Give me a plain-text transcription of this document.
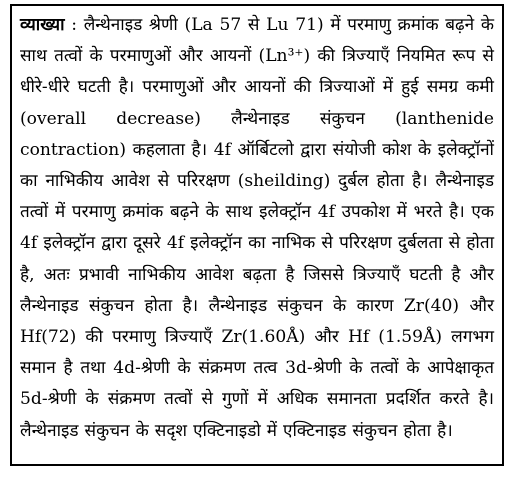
व्याख्या : लैन्थेनाइड श्रेणी (La 57 से Lu 71) में परमाणु क्रमांक बढ़ने के साथ तत्वों के परमाणुओं और आयनों (Ln³⁺) की त्रिज्याएँ नियमित रूप से धीरे-धीरे घटती है। परमाणुओं और आयनों की त्रिज्याओं में हुई समग्र कमी (overall decrease) लैन्थेनाइड संकुचन (lanthenide contraction) कहलाता है। 4f ऑर्बिटलो द्वारा संयोजी कोश के इलेक्ट्रॉनों का नाभिकीय आवेश से परिरक्षण (sheilding) दुर्बल होता है। लैन्थेनाइड तत्वों में परमाणु क्रमांक बढ़ने के साथ इलेक्ट्रॉन 4f उपकोश में भरते है। एक 4f इलेक्ट्रॉन द्वारा दूसरे 4f इलेक्ट्रॉन का नाभिक से परिरक्षण दुर्बलता से होता है, अतः प्रभावी नाभिकीय आवेश बढ़ता है जिससे त्रिज्याएँ घटती है और लैन्थेनाइड संकुचन होता है। लैन्थेनाइड संकुचन के कारण Zr(40) और Hf(72) की परमाणु त्रिज्याएँ Zr(1.60Å) और Hf (1.59Å) लगभग समान है तथा 4d-श्रेणी के संक्रमण तत्व 3d-श्रेणी के तत्वों के आपेक्षाकृत 5d-श्रेणी के संक्रमण तत्वों से गुणों में अधिक समानता प्रदर्शित करते है। लैन्थेनाइड संकुचन के सदृश एक्टिनाइडो में एक्टिनाइड संकुचन होता है।
